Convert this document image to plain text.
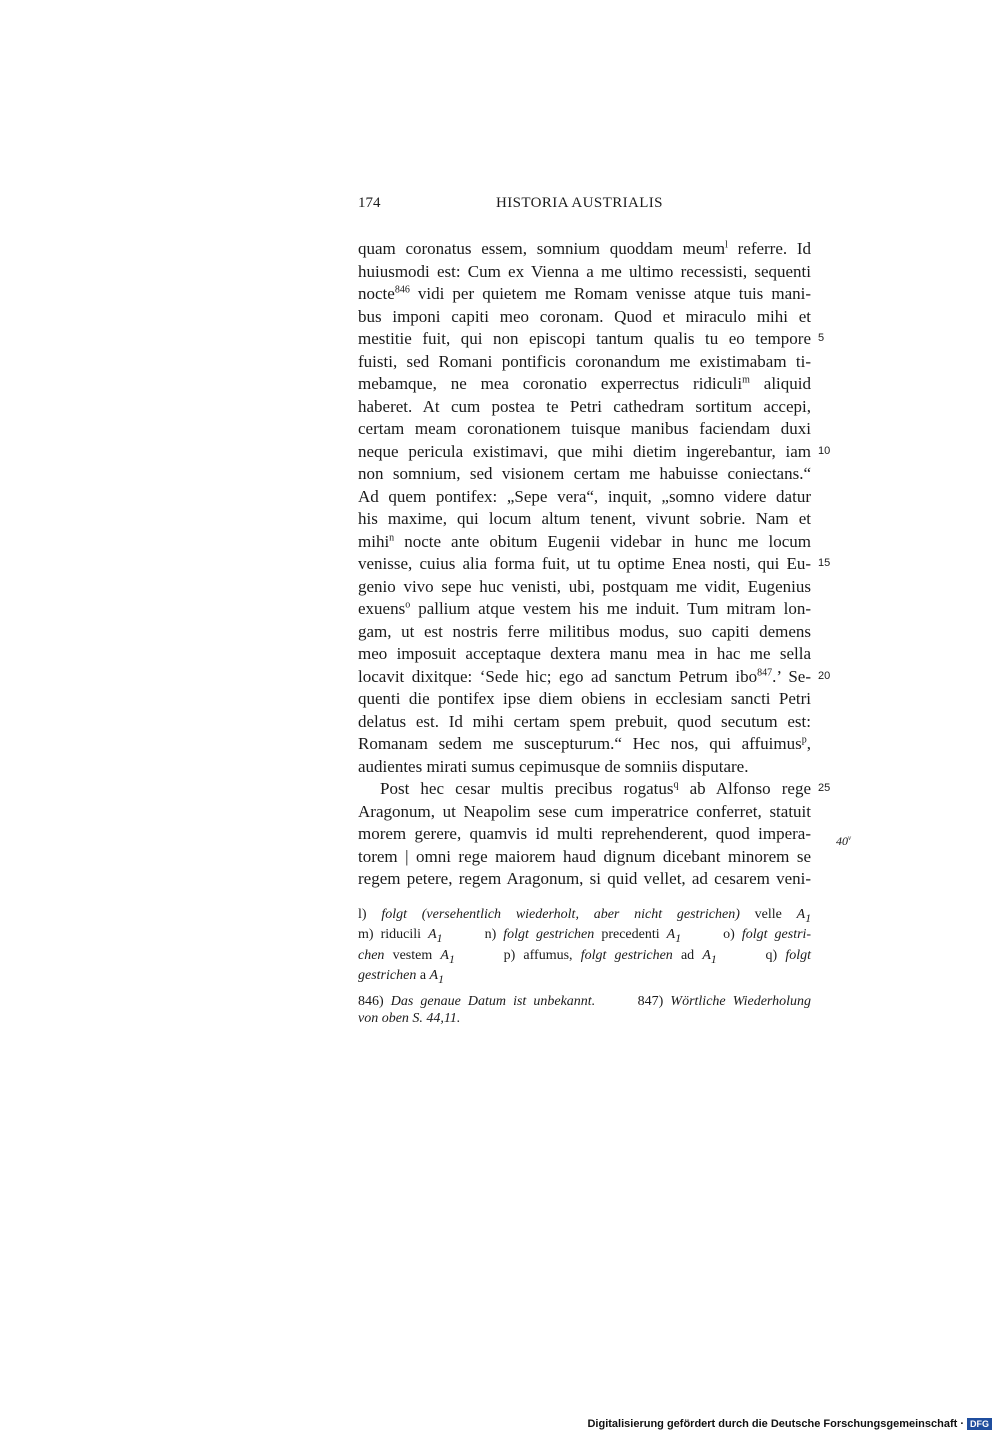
174	HISTORIA AUSTRIALIS
quam coronatus essem, somnium quoddam meum$^l$ referre. Id
huiusmodi est: Cum ex Vienna a me ultimo recessisti, sequenti
nocte$^{846}$ vidi per quietem me Romam venisse atque tuis mani-
bus imponi capiti meo coronam. Quod et miraculo mihi et
mestitie fuit, qui non episcopi tantum qualis tu eo tempore
fuisti, sed Romani pontificis coronandum me existimabam ti-
mebamque, ne mea coronatio experrectus ridiculi$^m$ aliquid
haberet. At cum postea te Petri cathedram sortitum accepi,
certam meam coronationem tuisque manibus faciendam duxi
neque pericula existimavi, que mihi dietim ingerebantur, iam
non somnium, sed visionem certam me habuisse coniectans.“
Ad quem pontifex: „Sepe vera“, inquit, „somno videre datur
his maxime, qui locum altum tenent, vivunt sobrie. Nam et
mihi$^n$ nocte ante obitum Eugenii videbar in hunc me locum
venisse, cuius alia forma fuit, ut tu optime Enea nosti, qui Eu-
genio vivo sepe huc venisti, ubi, postquam me vidit, Eugenius
exuens$^o$ pallium atque vestem his me induit. Tum mitram lon-
gam, ut est nostris ferre militibus modus, suo capiti demens
meo imposuit acceptaque dextera manu mea in hac me sella
locavit dixitque: ‘Sede hic; ego ad sanctum Petrum ibo$^{847}$.’ Se-
quenti die pontifex ipse diem obiens in ecclesiam sancti Petri
delatus est. Id mihi certam spem prebuit, quod secutum est:
Romanam sedem me suscepturum.“ Hec nos, qui affuimus$^p$,
audientes mirati sumus cepimusque de somniis disputare.
Post hec cesar multis precibus rogatus$^q$ ab Alfonso rege
Aragonum, ut Neapolim sese cum imperatrice conferret, statuit
morem gerere, quamvis id multi reprehenderent, quod impera-
torem | omni rege maiorem haud dignum dicebant minorem se
regem petere, regem Aragonum, si quid vellet, ad cesarem veni-
5
10
15
20
25
40$^v$
l) folgt (versehentlich wiederholt, aber nicht gestrichen) velle $A_1$
m) riducili $A_1$	n) folgt gestrichen precedenti $A_1$	o) folgt gestri-
chen vestem $A_1$	p) affumus, folgt gestrichen ad $A_1$	q) folgt
gestrichen a $A_1$
846) Das genaue Datum ist unbekannt.	847) Wörtliche Wiederholung
von oben S. 44,11.
Digitalisierung gefördert durch die Deutsche Forschungsgemeinschaft · DFG
